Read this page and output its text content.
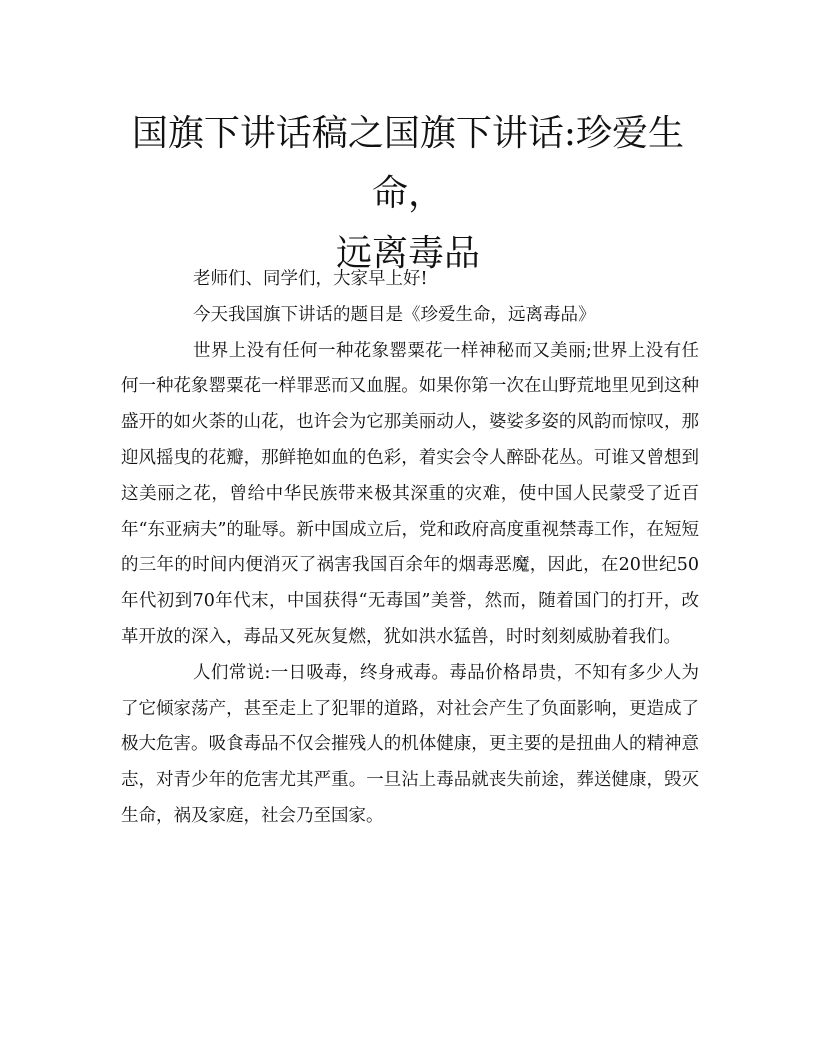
国旗下讲话稿之国旗下讲话:珍爱生命，
远离毒品

老师们、同学们，大家早上好!

今天我国旗下讲话的题目是《珍爱生命，远离毒品》

世界上没有任何一种花象罂粟花一样神秘而又美丽;世界上没有任何一种花象罂粟花一样罪恶而又血腥。如果你第一次在山野荒地里见到这种盛开的如火荼的山花，也许会为它那美丽动人，婆娑多姿的风韵而惊叹，那迎风摇曳的花瓣，那鲜艳如血的色彩，着实会令人醉卧花丛。可谁又曾想到这美丽之花，曾给中华民族带来极其深重的灾难，使中国人民蒙受了近百年“东亚病夫”的耻辱。新中国成立后，党和政府高度重视禁毒工作，在短短的三年的时间内便消灭了祸害我国百余年的烟毒恶魔，因此，在20世纪50年代初到70年代末，中国获得“无毒国”美誉，然而，随着国门的打开，改革开放的深入，毒品又死灰复燃，犹如洪水猛兽，时时刻刻威胁着我们。

人们常说:一日吸毒，终身戒毒。毒品价格昂贵，不知有多少人为了它倾家荡产，甚至走上了犯罪的道路，对社会产生了负面影响，更造成了极大危害。吸食毒品不仅会摧残人的机体健康，更主要的是扭曲人的精神意志，对青少年的危害尤其严重。一旦沾上毒品就丧失前途，葬送健康，毁灭生命，祸及家庭，社会乃至国家。
